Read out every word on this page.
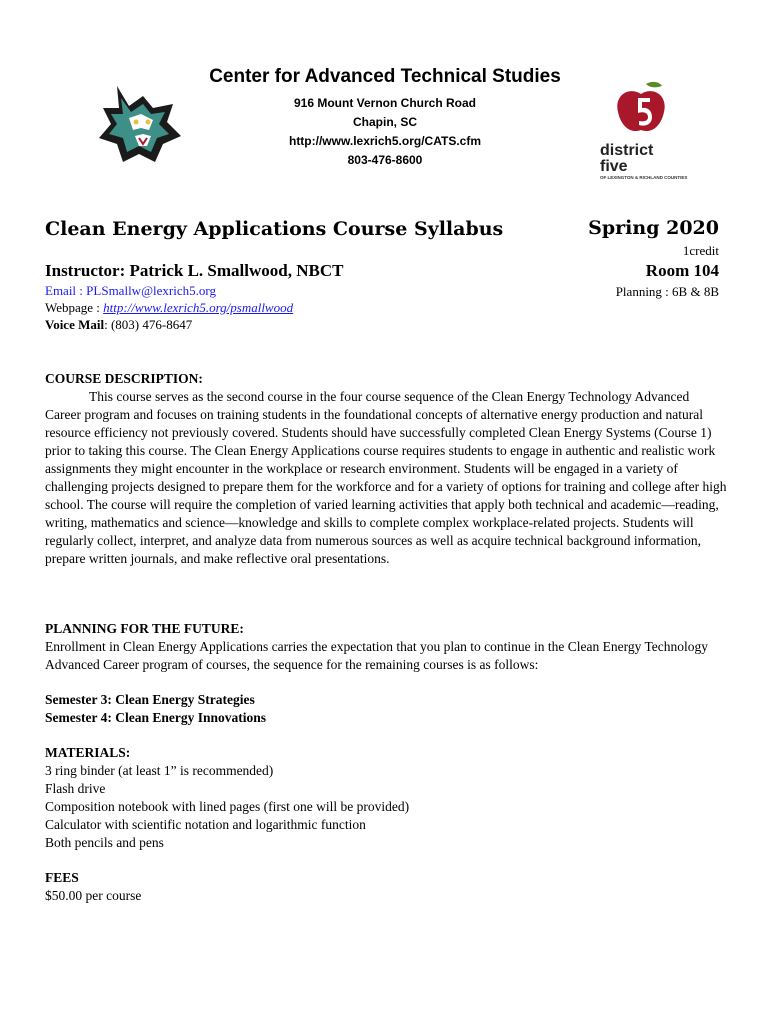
Center for Advanced Technical Studies
916 Mount Vernon Church Road
Chapin, SC
http://www.lexrich5.org/CATS.cfm
803-476-8600
district five
OF LEXINGTON & RICHLAND COUNTIES
Clean Energy Applications Course Syllabus	Spring 2020
1credit
Instructor: Patrick L. Smallwood, NBCT	Room 104
Planning : 6B & 8B
Email : PLSmallw@lexrich5.org
Webpage : http://www.lexrich5.org/psmallwood
Voice Mail: (803) 476-8647

COURSE DESCRIPTION:

This course serves as the second course in the four course sequence of the Clean Energy Technology Advanced Career program and focuses on training students in the foundational concepts of alternative energy production and natural resource efficiency not previously covered. Students should have successfully completed Clean Energy Systems (Course 1) prior to taking this course. The Clean Energy Applications course requires students to engage in authentic and realistic work assignments they might encounter in the workplace or research environment. Students will be engaged in a variety of challenging projects designed to prepare them for the workforce and for a variety of options for training and college after high school. The course will require the completion of varied learning activities that apply both technical and academic—reading, writing, mathematics and science—knowledge and skills to complete complex workplace-related projects. Students will regularly collect, interpret, and analyze data from numerous sources as well as acquire technical background information, prepare written journals, and make reflective oral presentations.

PLANNING FOR THE FUTURE:

Enrollment in Clean Energy Applications carries the expectation that you plan to continue in the Clean Energy Technology Advanced Career program of courses, the sequence for the remaining courses is as follows:

Semester 3: Clean Energy Strategies

Semester 4: Clean Energy Innovations

MATERIALS:

3 ring binder (at least 1” is recommended)

Flash drive

Composition notebook with lined pages (first one will be provided)

Calculator with scientific notation and logarithmic function

Both pencils and pens

FEES

$50.00 per course
